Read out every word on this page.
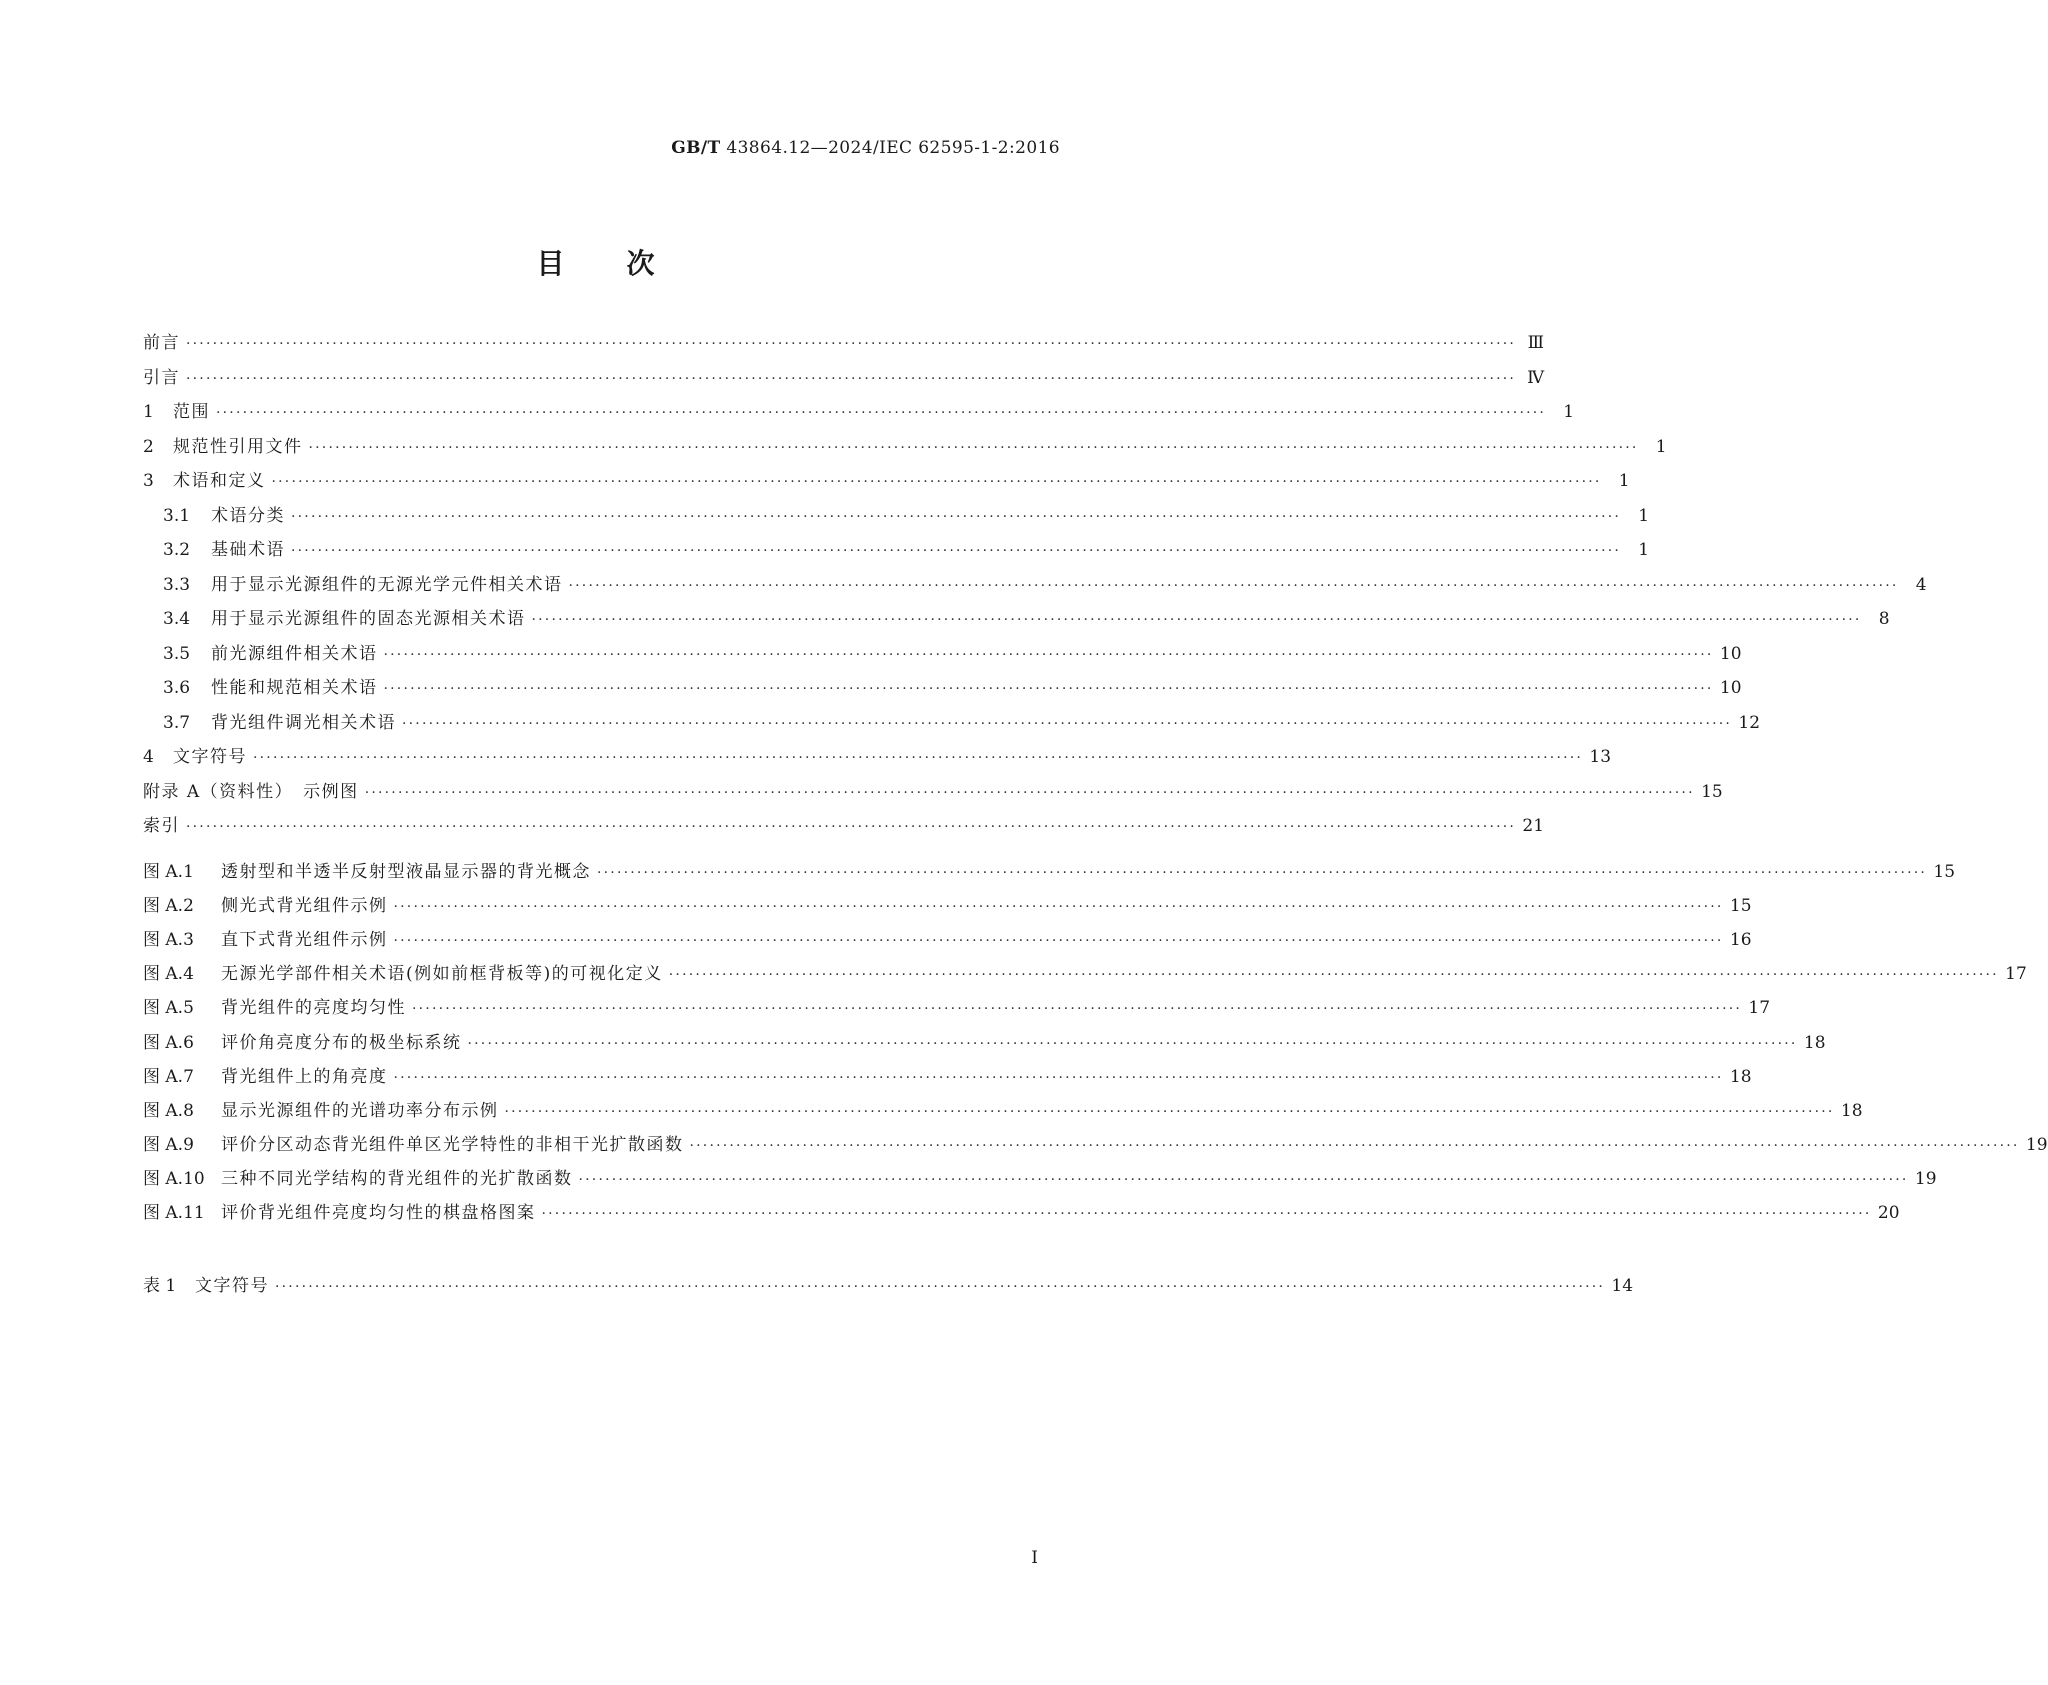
GB/T 43864.12—2024/IEC 62595-1-2:2016
目次
前言 ········································································································································································································ Ⅲ
引言 ········································································································································································································ Ⅳ
1	范围 ········································································································································································································	1
2	规范性引用文件 ········································································································································································································	1
3	术语和定义 ········································································································································································································	1
3.1	术语分类 ········································································································································································································	1
3.2	基础术语 ········································································································································································································	1
3.3	用于显示光源组件的无源光学元件相关术语 ········································································································································································································	4
3.4	用于显示光源组件的固态光源相关术语 ········································································································································································································	8
3.5	前光源组件相关术语 ········································································································································································································ 10
3.6	性能和规范相关术语 ········································································································································································································ 10
3.7	背光组件调光相关术语 ········································································································································································································ 12
4	文字符号 ········································································································································································································ 13
附录 A（资料性）　示例图 ········································································································································································································ 15
索引 ········································································································································································································ 21
图 A.1	透射型和半透半反射型液晶显示器的背光概念 ········································································································································································································ 15
图 A.2	侧光式背光组件示例 ········································································································································································································ 15
图 A.3	直下式背光组件示例 ········································································································································································································ 16
图 A.4	无源光学部件相关术语(例如前框背板等)的可视化定义 ········································································································································································································ 17
图 A.5	背光组件的亮度均匀性 ········································································································································································································ 17
图 A.6	评价角亮度分布的极坐标系统 ········································································································································································································ 18
图 A.7	背光组件上的角亮度 ········································································································································································································ 18
图 A.8	显示光源组件的光谱功率分布示例 ········································································································································································································ 18
图 A.9	评价分区动态背光组件单区光学特性的非相干光扩散函数 ········································································································································································································ 19
图 A.10 三种不同光学结构的背光组件的光扩散函数 ········································································································································································································ 19
图 A.11 评价背光组件亮度均匀性的棋盘格图案 ········································································································································································································ 20
表 1	文字符号 ········································································································································································································ 14
I
